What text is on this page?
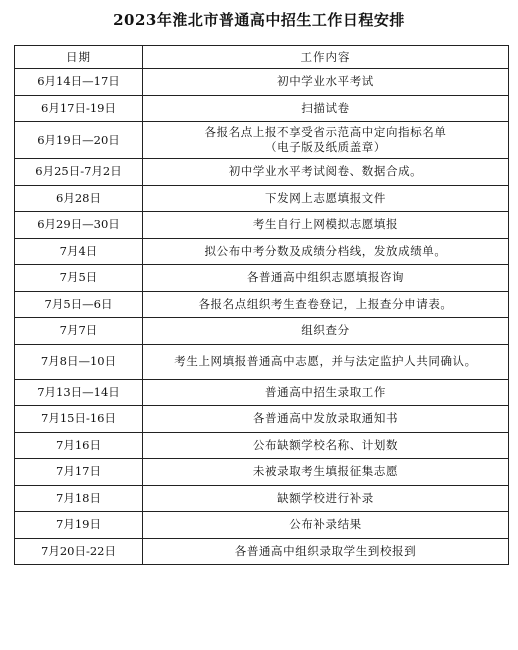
2023年淮北市普通高中招生工作日程安排
日期	工作内容
6月14日—17日	初中学业水平考试
6月17日-19日	扫描试卷
6月19日—20日	各报名点上报不享受省示范高中定向指标名单
（电子版及纸质盖章）

6月25日-7月2日	初中学业水平考试阅卷、数据合成。
6月28日	下发网上志愿填报文件
6月29日—30日	考生自行上网模拟志愿填报
7月4日	拟公布中考分数及成绩分档线，发放成绩单。
7月5日	各普通高中组织志愿填报咨询
7月5日—6日	各报名点组织考生查卷登记，上报查分申请表。
7月7日	组织查分
7月8日—10日	考生上网填报普通高中志愿，并与法定监护人共同确认。
7月13日—14日	普通高中招生录取工作
7月15日-16日	各普通高中发放录取通知书
7月16日	公布缺额学校名称、计划数
7月17日	未被录取考生填报征集志愿
7月18日	缺额学校进行补录
7月19日	公布补录结果
7月20日-22日	各普通高中组织录取学生到校报到
